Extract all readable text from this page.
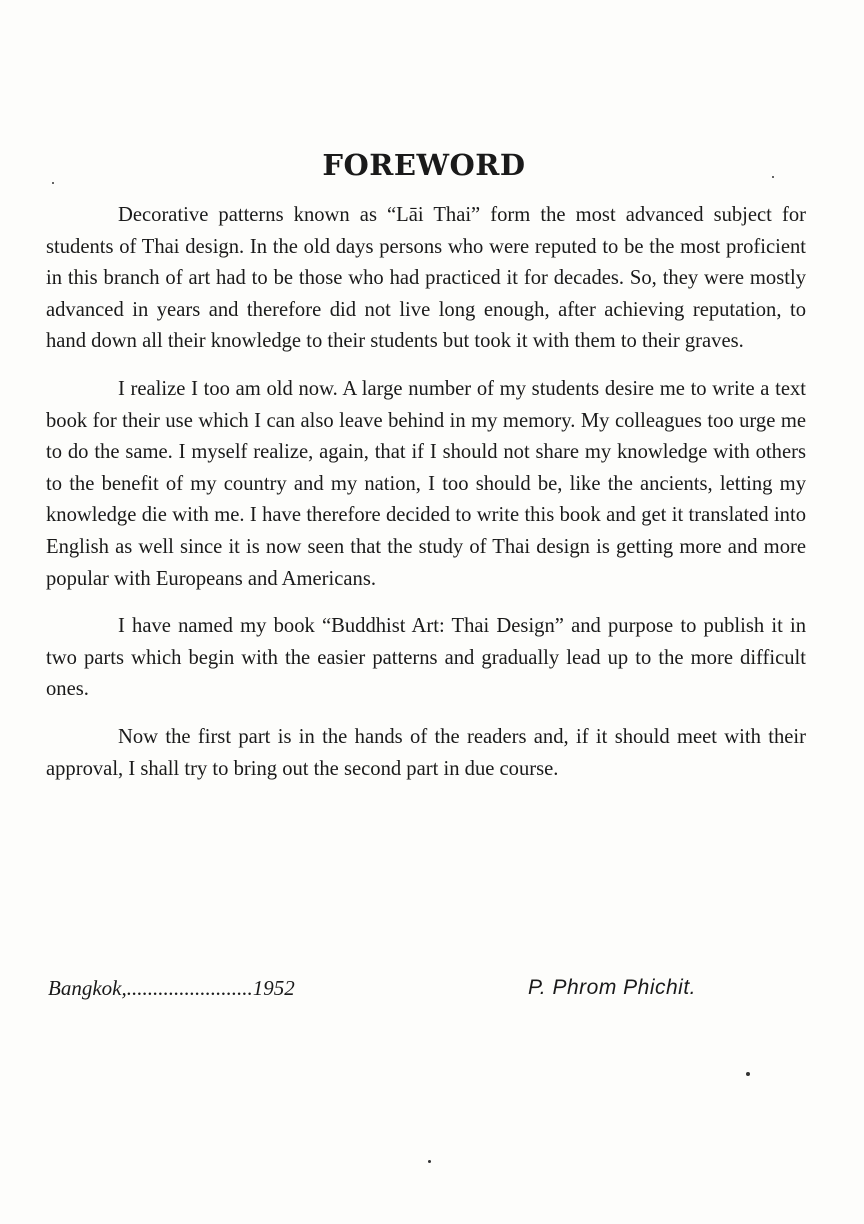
FOREWORD

Decorative patterns known as “Lāi Thai” form the most advanced subject for students of Thai design. In the old days persons who were reputed to be the most proficient in this branch of art had to be those who had practiced it for decades. So, they were mostly advanced in years and therefore did not live long enough, after achieving reputation, to hand down all their knowledge to their students but took it with them to their graves.

I realize I too am old now. A large number of my students desire me to write a text book for their use which I can also leave behind in my memory. My colleagues too urge me to do the same. I myself realize, again, that if I should not share my knowledge with others to the benefit of my country and my nation, I too should be, like the ancients, letting my knowledge die with me. I have therefore decided to write this book and get it translated into English as well since it is now seen that the study of Thai design is getting more and more popular with Europeans and Americans.

I have named my book “Buddhist Art: Thai Design” and purpose to publish it in two parts which begin with the easier patterns and gradually lead up to the more difficult ones.

Now the first part is in the hands of the readers and, if it should meet with their approval, I shall try to bring out the second part in due course.

Bangkok,........................1952	P. Phrom Phichit.
